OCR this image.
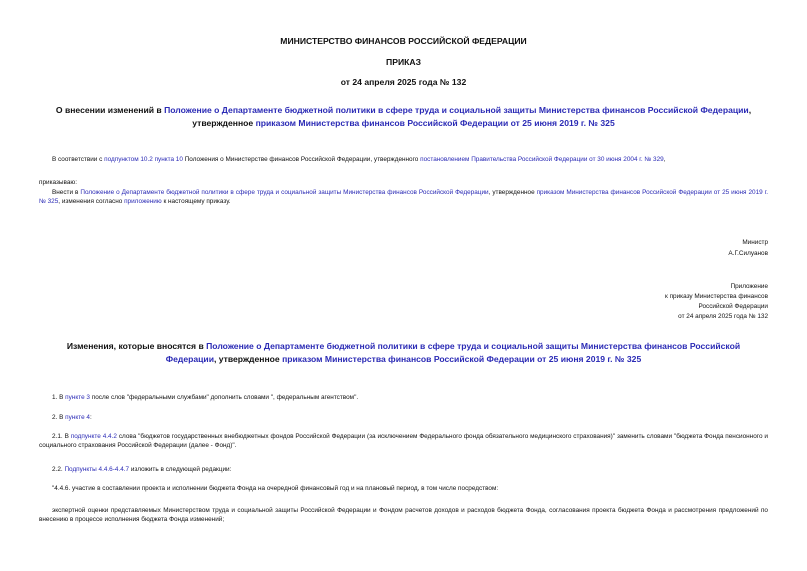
МИНИСТЕРСТВО ФИНАНСОВ РОССИЙСКОЙ ФЕДЕРАЦИИ
ПРИКАЗ
от 24 апреля 2025 года № 132
О внесении изменений в Положение о Департаменте бюджетной политики в сфере труда и социальной защиты Министерства финансов Российской Федерации, утвержденное приказом Министерства финансов Российской Федерации от 25 июня 2019 г. № 325
В соответствии с подпунктом 10.2 пункта 10 Положения о Министерстве финансов Российской Федерации, утвержденного постановлением Правительства Российской Федерации от 30 июня 2004 г. № 329,
приказываю:
Внести в Положение о Департаменте бюджетной политики в сфере труда и социальной защиты Министерства финансов Российской Федерации, утвержденное приказом Министерства финансов Российской Федерации от 25 июня 2019 г. № 325, изменения согласно приложению к настоящему приказу.
Министр
А.Г.Силуанов
Приложение
к приказу Министерства финансов
Российской Федерации
от 24 апреля 2025 года № 132
Изменения, которые вносятся в Положение о Департаменте бюджетной политики в сфере труда и социальной защиты Министерства финансов Российской Федерации, утвержденное приказом Министерства финансов Российской Федерации от 25 июня 2019 г. № 325
1. В пункте 3 после слов "федеральными службами" дополнить словами ", федеральным агентством".
2. В пункте 4:
2.1. В подпункте 4.4.2 слова "бюджетов государственных внебюджетных фондов Российской Федерации (за исключением Федерального фонда обязательного медицинского страхования)" заменить словами "бюджета Фонда пенсионного и социального страхования Российской Федерации (далее - Фонд)".
2.2. Подпункты 4.4.6-4.4.7 изложить в следующей редакции:
"4.4.6. участие в составлении проекта и исполнении бюджета Фонда на очередной финансовый год и на плановый период, в том числе посредством:
экспертной оценки представляемых Министерством труда и социальной защиты Российской Федерации и Фондом расчетов доходов и расходов бюджета Фонда, согласования проекта бюджета Фонда и рассмотрения предложений по внесению в процессе исполнения бюджета Фонда изменений;
